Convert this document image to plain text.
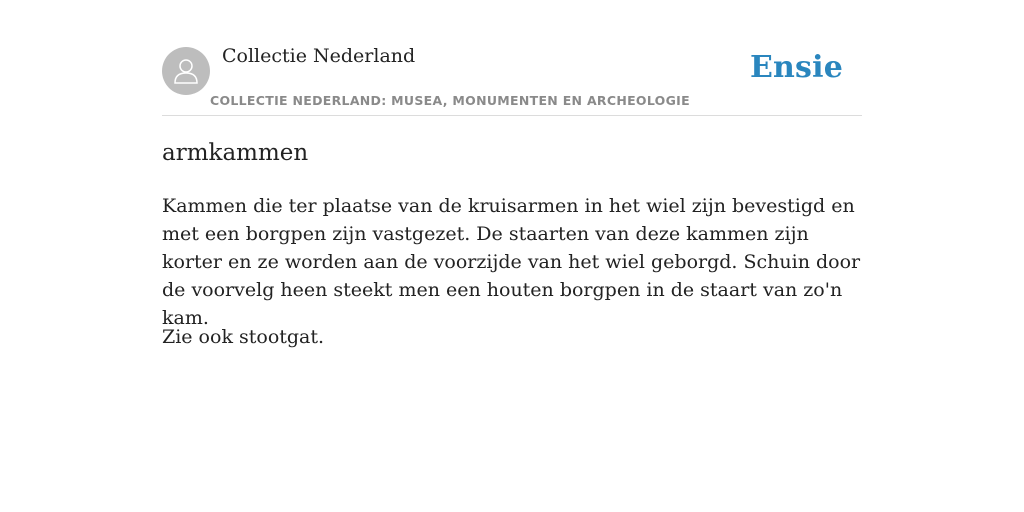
Collectie Nederland
COLLECTIE NEDERLAND: MUSEA, MONUMENTEN EN ARCHEOLOGIE
Ensie
armkammen

Kammen die ter plaatse van de kruisarmen in het wiel zijn bevestigd en met een borgpen zijn vastgezet. De staarten van deze kammen zijn korter en ze worden aan de voorzijde van het wiel geborgd. Schuin door de voorvelg heen steekt men een houten borgpen in de staart van zo'n kam.

Zie ook stootgat.
